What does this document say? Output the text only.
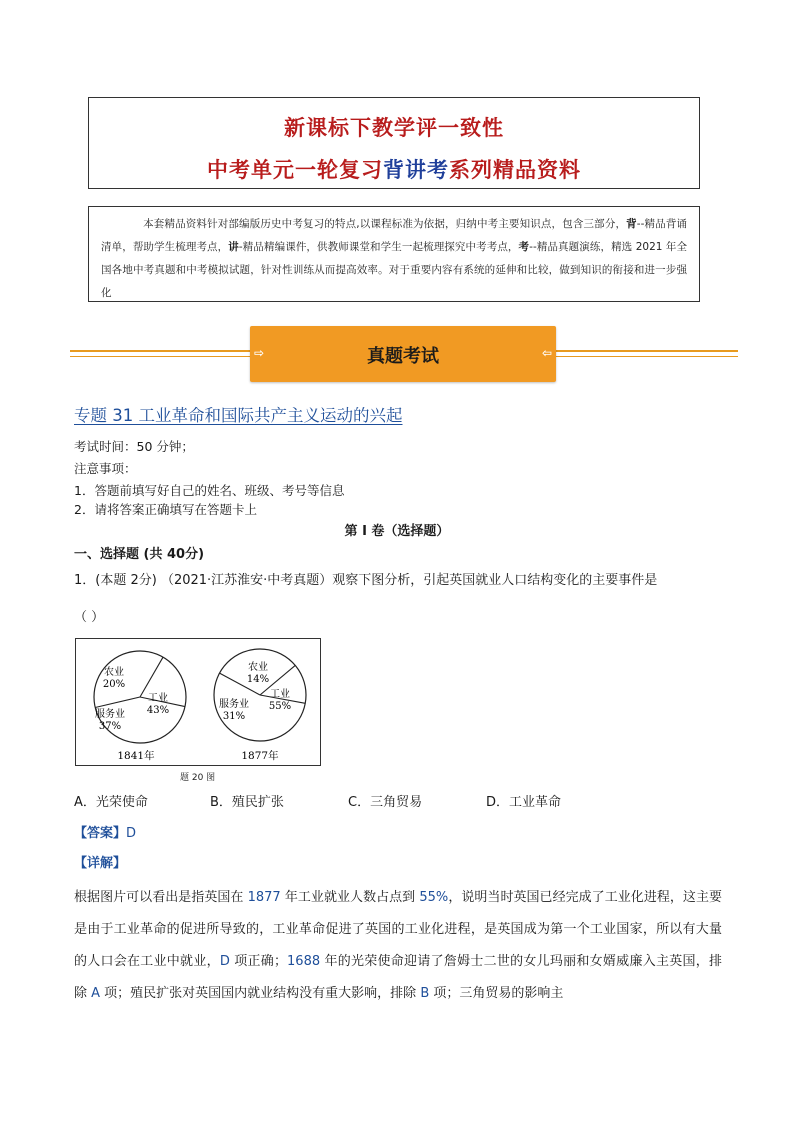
新课标下教学评一致性
中考单元一轮复习背讲考系列精品资料
本套精品资料针对部编版历史中考复习的特点,以课程标准为依据，归纳中考主要知识点，包含三部分，背--精品背诵清单，帮助学生梳理考点，讲-精品精编课件，供教师课堂和学生一起梳理探究中考考点，考--精品真题演练，精选 2021 年全国各地中考真题和中考模拟试题，针对性训练从而提高效率。对于重要内容有系统的延伸和比较，做到知识的衔接和进一步强化
⇨	真题考试	⇦
专题 31 工业革命和国际共产主义运动的兴起
考试时间：50 分钟；
注意事项：
1．答题前填写好自己的姓名、班级、考号等信息
2．请将答案正确填写在答题卡上
第 I 卷（选择题）
一、选择题 (共 40分)
1．(本题 2分) （2021·江苏淮安·中考真题）观察下图分析，引起英国就业人口结构变化的主要事件是
（ ）
农业
20%
工业
43%
服务业
37%
1841年
农业
14%
工业
55%
服务业
31%
1877年
题 20 图
A．光荣使命	B．殖民扩张	C．三角贸易	D．工业革命
【答案】D
【详解】
根据图片可以看出是指英国在 1877 年工业就业人数占点到 55%，说明当时英国已经完成了工业化进程，这主要是由于工业革命的促进所导致的，工业革命促进了英国的工业化进程，是英国成为第一个工业国家，所以有大量的人口会在工业中就业，D 项正确；1688 年的光荣使命迎请了詹姆士二世的女儿玛丽和女婿威廉入主英国，排除 A 项；殖民扩张对英国国内就业结构没有重大影响，排除 B 项；三角贸易的影响主
